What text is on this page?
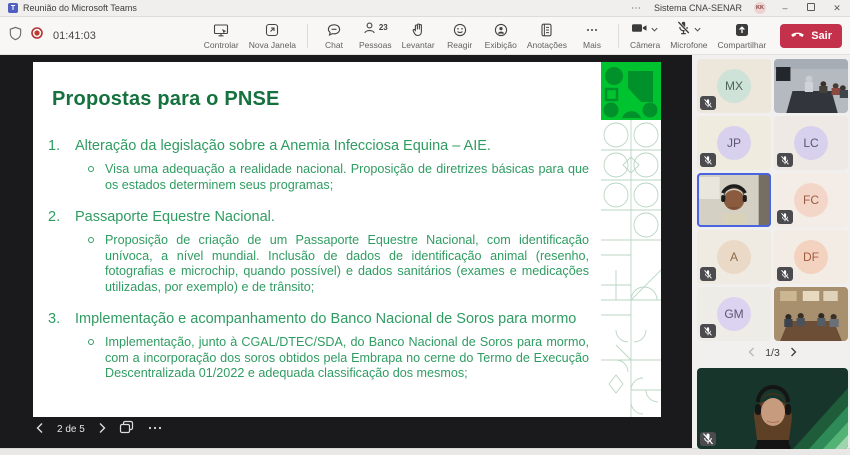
T Reunião do Microsoft Teams	⋯ Sistema CNA-SENAR	KK	–	✕
01:41:03
Controlar Nova Janela	Chat
23
Pessoas Levantar Reagir Exibição Anotações Mais	Câmera Microfone Compartilhar
Sair
Propostas para o PNSE
1.	Alteração da legislação sobre a Anemia Infecciosa Equina – AIE.
Visa uma adequação a realidade nacional. Proposição de diretrizes básicas para que os estados determinem seus programas;
2.	Passaporte Equestre Nacional.
Proposição de criação de um Passaporte Equestre Nacional, com identificação unívoca, a nível mundial. Inclusão de dados de identificação animal (resenho, fotografias e microchip, quando possível) e dados sanitários (exames e medicações utilizadas, por exemplo) e de trânsito;
3.	Implementação e acompanhamento do Banco Nacional de Soros para mormo
Implementação, junto à CGAL/DTEC/SDA, do Banco Nacional de Soros para mormo, com a incorporação dos soros obtidos pela Embrapa no cerne do Termo de Execução Descentralizada 01/2022 e adequada classificação dos mesmos;
2 de 5
MX
JP	LC
FC
A	DF
GM
1/3
